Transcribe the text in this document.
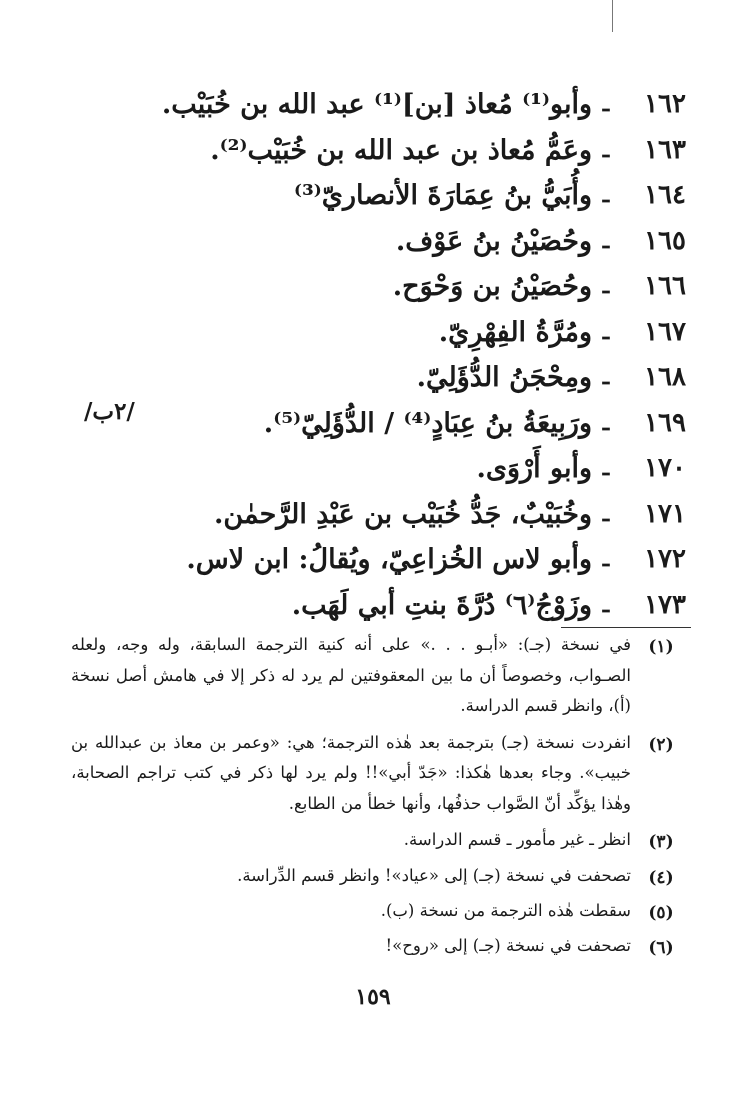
١٦٢
ـ
وأبو⁽¹⁾ مُعاذ [بن]⁽¹⁾ عبد الله بن خُبَيْب.
١٦٣
ـ
وعَمُّ مُعاذ بن عبد الله بن خُبَيْب⁽²⁾.
١٦٤
ـ
وأُبَيُّ بنُ عِمَارَةَ الأنصاريّ⁽³⁾
١٦٥
ـ
وحُصَيْنُ بنُ عَوْف.
١٦٦
ـ
وحُصَيْنُ بن وَحْوَح.
١٦٧
ـ
ومُرَّةُ الفِهْرِيّ.
١٦٨
ـ
ومِحْجَنُ الدُّؤَلِيّ.
١٦٩
ـ
ورَبِيعَةُ بنُ عِبَادٍ⁽⁴⁾ / الدُّؤَلِيّ⁽⁵⁾.
١٧٠
ـ
وأبو أَرْوَى.
١٧١
ـ
وخُبَيْبٌ، جَدُّ خُبَيْب بن عَبْدِ الرَّحمٰن.
١٧٢
ـ
وأبو لاس الخُزاعِيّ، ويُقالُ: ابن لاس.
١٧٣
ـ
وزَوْجُ⁽٦⁾ دُرَّةَ بنتِ أبي لَهَب.
/٢ب/
(١)
في نسخة (جـ): «أبـو . . .» على أنه كنية الترجمة السابقة، وله وجه، ولعله الصـواب، وخصوصاً أن ما بين المعقوفتين لم يرد له ذكر إلا في هامش أصل نسخة (أ)، وانظر قسم الدراسة.
(٢)
انفردت نسخة (جـ) بترجمة بعد هٰذه الترجمة؛ هي: «وعمر بن معاذ بن عبدالله بن خبيب». وجاء بعدها هٰكذا: «جَدّ أبي»!! ولم يرد لها ذكر في كتب تراجم الصحابة، وهٰذا يؤكِّد أنّ الصَّواب حذفُها، وأنها خطأ من الطابع.
(٣)
انظر ـ غير مأمور ـ قسم الدراسة.
(٤)
تصحفت في نسخة (جـ) إلى «عياد»! وانظر قسم الدِّراسة.
(٥)
سقطت هٰذه الترجمة من نسخة (ب).
(٦)
تصحفت في نسخة (جـ) إلى «روح»!
١٥٩
